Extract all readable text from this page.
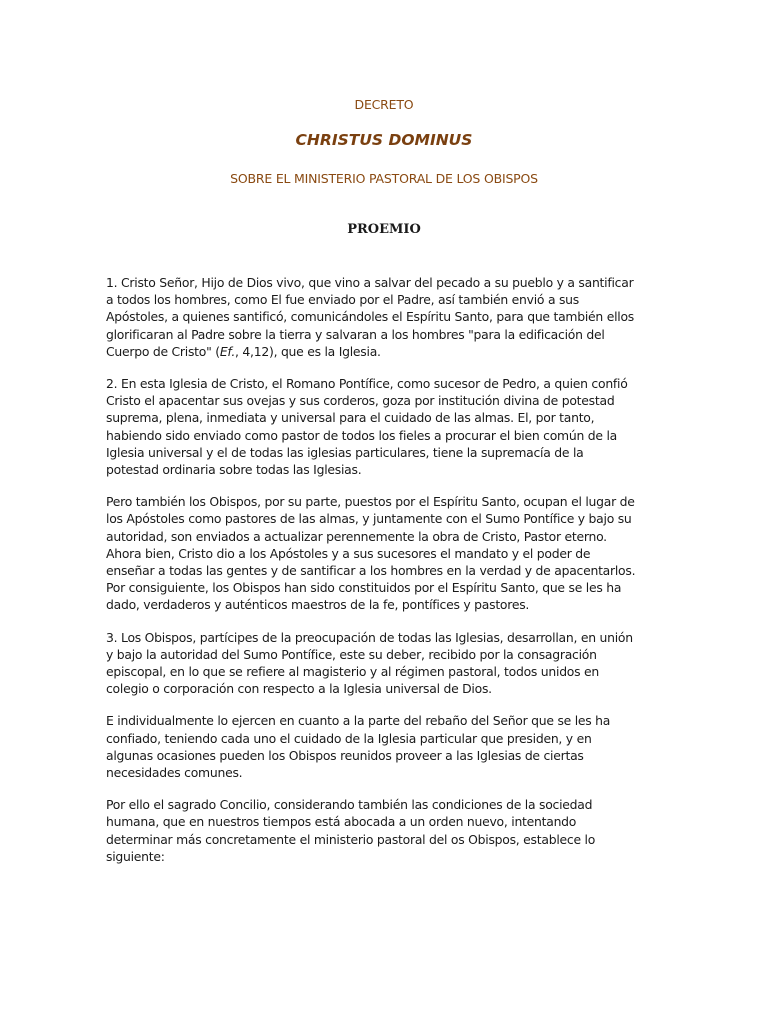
DECRETO

CHRISTUS DOMINUS

SOBRE EL MINISTERIO PASTORAL DE LOS OBISPOS

PROEMIO

1. Cristo Señor, Hijo de Dios vivo, que vino a salvar del pecado a su pueblo y a santificar a todos los hombres, como El fue enviado por el Padre, así también envió a sus Apóstoles, a quienes santificó, comunicándoles el Espíritu Santo, para que también ellos glorificaran al Padre sobre la tierra y salvaran a los hombres "para la edificación del Cuerpo de Cristo" (Ef., 4,12), que es la Iglesia.

2. En esta Iglesia de Cristo, el Romano Pontífice, como sucesor de Pedro, a quien confió Cristo el apacentar sus ovejas y sus corderos, goza por institución divina de potestad suprema, plena, inmediata y universal para el cuidado de las almas. El, por tanto, habiendo sido enviado como pastor de todos los fieles a procurar el bien común de la Iglesia universal y el de todas las iglesias particulares, tiene la supremacía de la potestad ordinaria sobre todas las Iglesias.

Pero también los Obispos, por su parte, puestos por el Espíritu Santo, ocupan el lugar de los Apóstoles como pastores de las almas, y juntamente con el Sumo Pontífice y bajo su autoridad, son enviados a actualizar perennemente la obra de Cristo, Pastor eterno. Ahora bien, Cristo dio a los Apóstoles y a sus sucesores el mandato y el poder de enseñar a todas las gentes y de santificar a los hombres en la verdad y de apacentarlos. Por consiguiente, los Obispos han sido constituidos por el Espíritu Santo, que se les ha dado, verdaderos y auténticos maestros de la fe, pontífices y pastores.

3. Los Obispos, partícipes de la preocupación de todas las Iglesias, desarrollan, en unión y bajo la autoridad del Sumo Pontífice, este su deber, recibido por la consagración episcopal, en lo que se refiere al magisterio y al régimen pastoral, todos unidos en colegio o corporación con respecto a la Iglesia universal de Dios.

E individualmente lo ejercen en cuanto a la parte del rebaño del Señor que se les ha confiado, teniendo cada uno el cuidado de la Iglesia particular que presiden, y en algunas ocasiones pueden los Obispos reunidos proveer a las Iglesias de ciertas necesidades comunes.

Por ello el sagrado Concilio, considerando también las condiciones de la sociedad humana, que en nuestros tiempos está abocada a un orden nuevo, intentando determinar más concretamente el ministerio pastoral del os Obispos, establece lo siguiente:
